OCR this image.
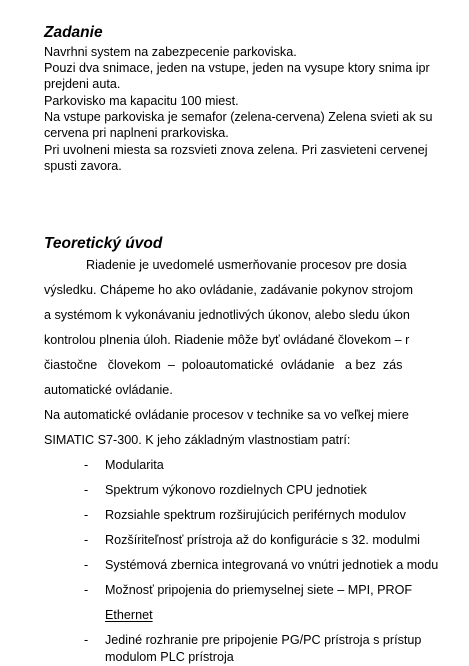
Zadanie
Navrhni system na zabezpecenie parkoviska.
Pouzi dva snimace, jeden na vstupe, jeden na vysupe ktory snima ipr
prejdeni auta.
Parkovisko ma kapacitu 100 miest.
Na vstupe parkoviska je semafor (zelena-cervena) Zelena svieti ak su
cervena pri naplneni prarkoviska.
Pri uvolneni miesta sa rozsvieti znova zelena. Pri zasvieteni cervenej
spusti zavora.
Teoretický úvod
Riadenie je uvedomelé usmerňovanie procesov pre dosia
výsledku. Chápeme ho ako ovládanie, zadávanie pokynov strojom
a systémom k vykonávaniu jednotlivých úkonov, alebo sledu úkon
kontrolou plnenia úloh. Riadenie môže byť ovládané človekom – r
čiastočne   človekom  –  poloautomatické  ovládanie   a bez  zás
automatické ovládanie.
Na automatické ovládanie procesov v technike sa vo veľkej miere
SIMATIC S7-300. K jeho základným vlastnostiam patrí:
- Modularita
- Spektrum výkonovo rozdielnych CPU jednotiek
- Rozsiahle spektrum rozširujúcich periférnych modulov
- Rozšíriteľnosť prístroja až do konfigurácie s 32. modulmi
- Systémová zbernica integrovaná vo vnútri jednotiek a modu
- Možnosť pripojenia do priemyselnej siete – MPI, PROF
Ethernet
- Jediné rozhranie pre pripojenie PG/PC prístroja s prístup
modulom PLC prístroja
